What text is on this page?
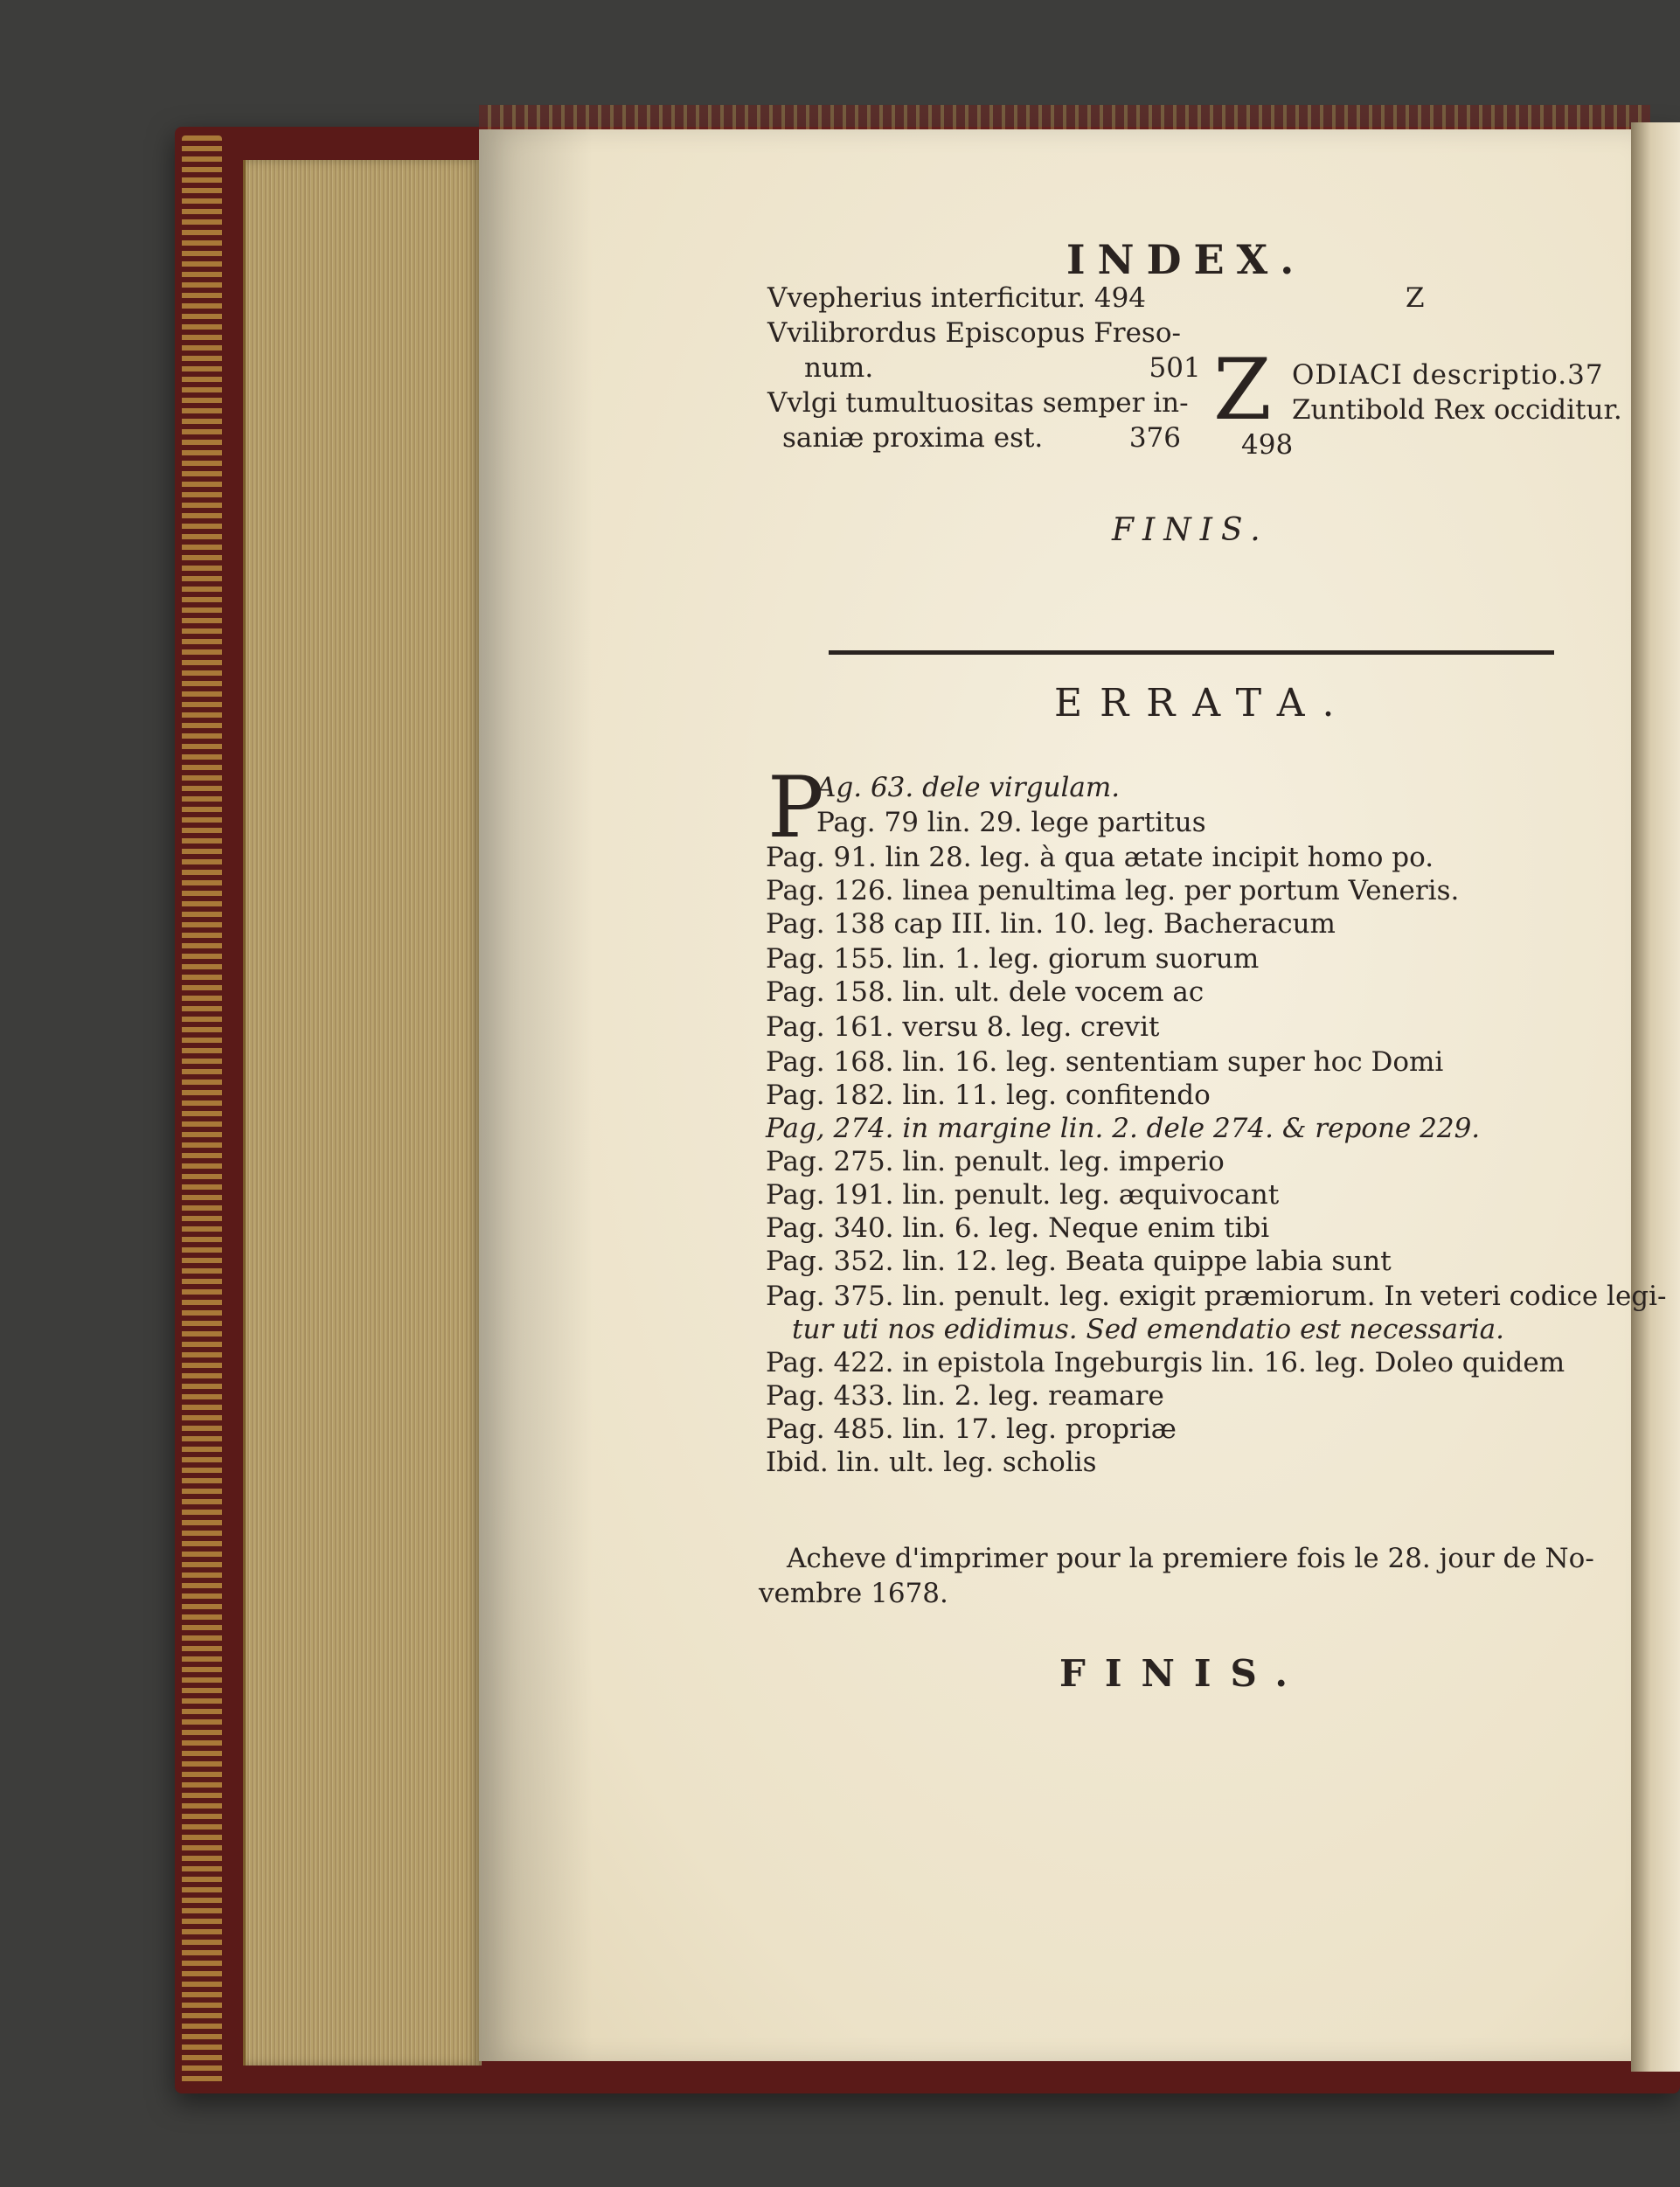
INDEX.
Vvepherius interficitur. 494
Vvilibrordus Episcopus Freso-
num.                                501
Vvlgi tumultuositas semper in-
saniæ proxima est.          376
Z
Z ODIACI descriptio.37
Zuntibold Rex occiditur.
498
FINIS.
ERRATA.
P
Ag. 63. dele virgulam.
Pag. 79 lin. 29. lege partitus
Pag. 91. lin 28. leg. à qua ætate incipit homo po.
Pag. 126. linea penultima leg. per portum Veneris.
Pag. 138 cap III. lin. 10. leg. Bacheracum
Pag. 155. lin. 1. leg. giorum suorum
Pag. 158. lin. ult. dele vocem ac
Pag. 161. versu 8. leg. crevit
Pag. 168. lin. 16. leg. sententiam super hoc Domi
Pag. 182. lin. 11. leg. confitendo
Pag, 274. in margine lin. 2. dele 274. & repone 229.
Pag. 275. lin. penult. leg. imperio
Pag. 191. lin. penult. leg. æquivocant
Pag. 340. lin. 6. leg. Neque enim tibi
Pag. 352. lin. 12. leg. Beata quippe labia sunt
Pag. 375. lin. penult. leg. exigit præmiorum. In veteri codice legi-
tur uti nos edidimus. Sed emendatio est necessaria.
Pag. 422. in epistola Ingeburgis lin. 16. leg. Doleo quidem
Pag. 433. lin. 2. leg. reamare
Pag. 485. lin. 17. leg. propriæ
Ibid. lin. ult. leg. scholis
Acheve d'imprimer pour la premiere fois le 28. jour de No-
vembre 1678.
FINIS.
